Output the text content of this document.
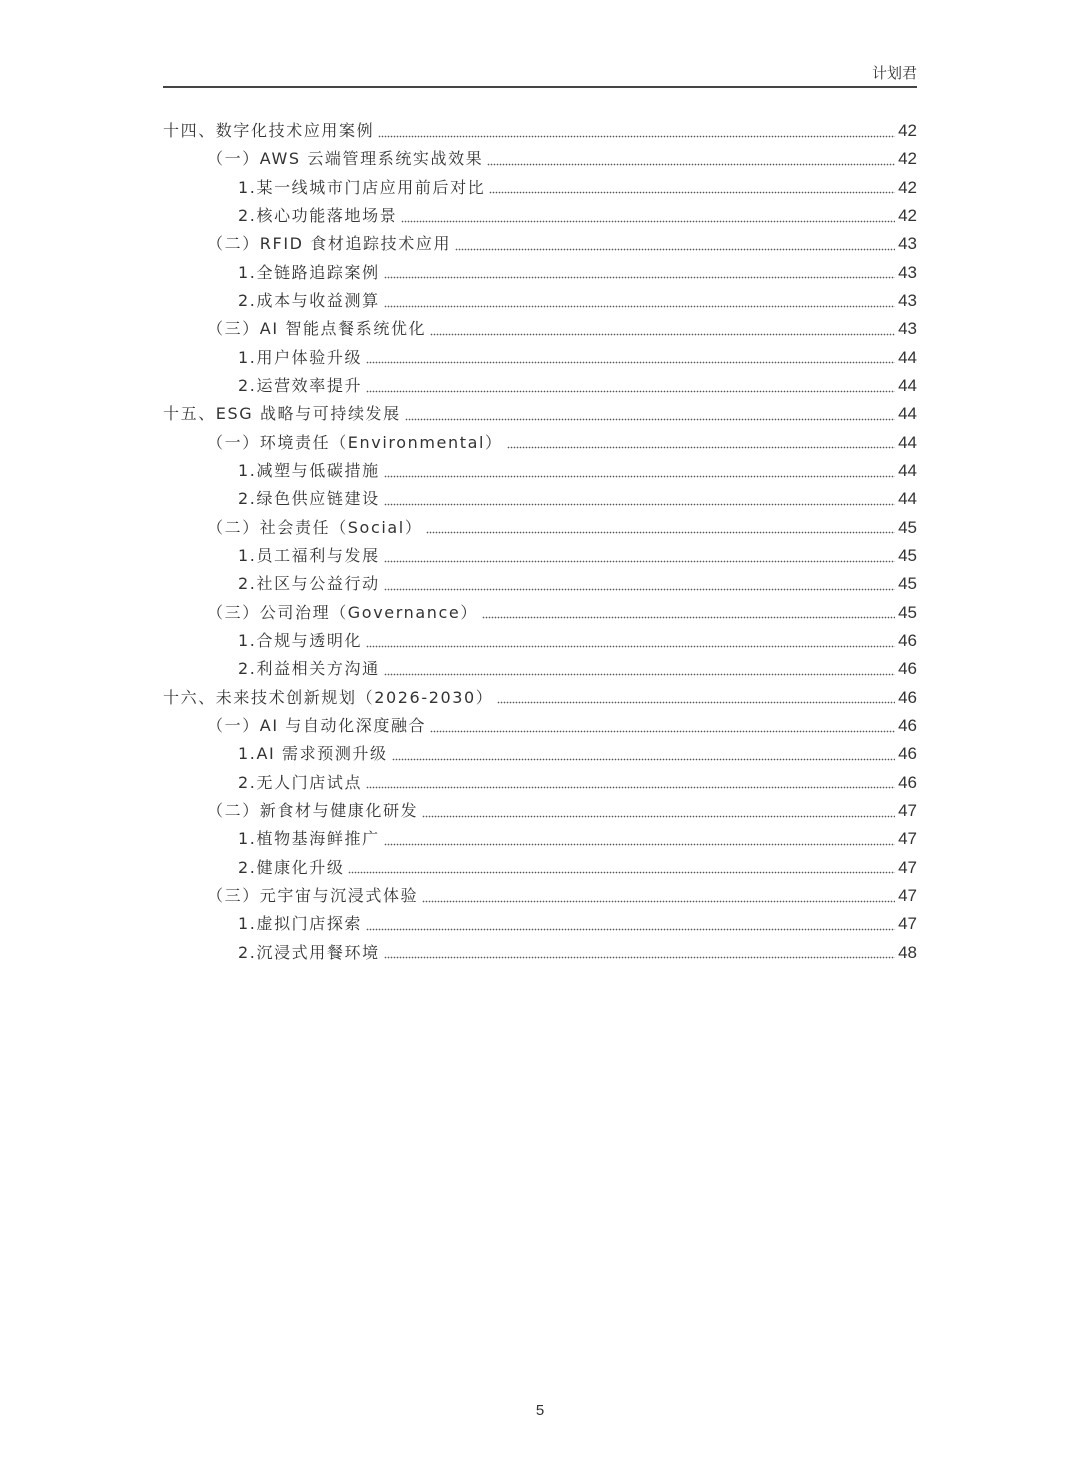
计划君
十四、数字化技术应用案例	42
（一）AWS 云端管理系统实战效果	42
1.某一线城市门店应用前后对比	42
2.核心功能落地场景	42
（二）RFID 食材追踪技术应用	43
1.全链路追踪案例	43
2.成本与收益测算	43
（三）AI 智能点餐系统优化	43
1.用户体验升级	44
2.运营效率提升	44
十五、ESG 战略与可持续发展	44
（一）环境责任（Environmental）	44
1.减塑与低碳措施	44
2.绿色供应链建设	44
（二）社会责任（Social）	45
1.员工福利与发展	45
2.社区与公益行动	45
（三）公司治理（Governance）	45
1.合规与透明化	46
2.利益相关方沟通	46
十六、未来技术创新规划（2026-2030）	46
（一）AI 与自动化深度融合	46
1.AI 需求预测升级	46
2.无人门店试点	46
（二）新食材与健康化研发	47
1.植物基海鲜推广	47
2.健康化升级	47
（三）元宇宙与沉浸式体验	47
1.虚拟门店探索	47
2.沉浸式用餐环境	48
5
